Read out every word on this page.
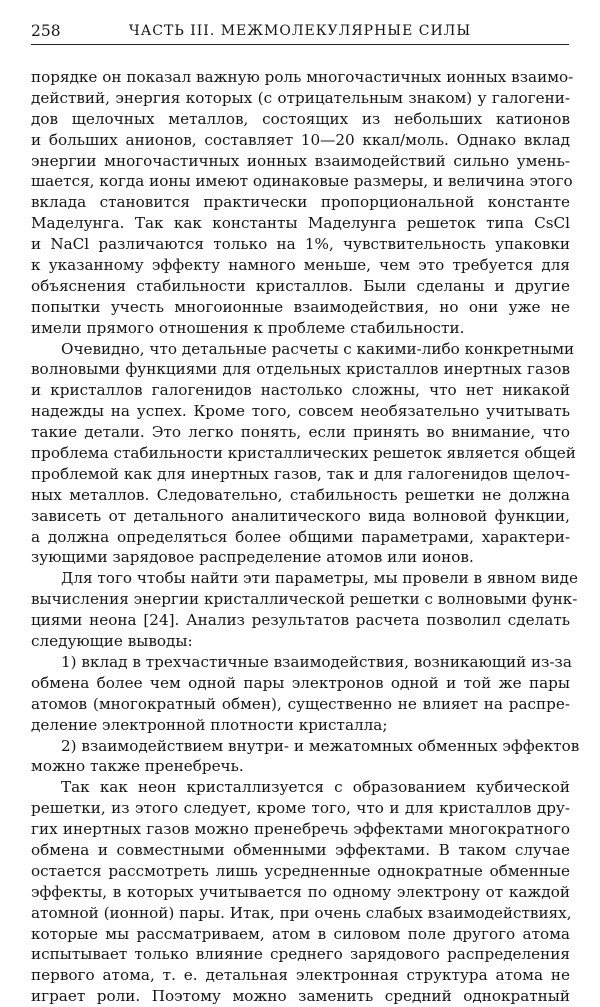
258	ЧАСТЬ III. МЕЖМОЛЕКУЛЯРНЫЕ СИЛЫ
порядке он показал важную роль многочастичных ионных взаимо-
действий, энергия которых (с отрицательным знаком) у галогени-
дов щелочных металлов, состоящих из небольших катионов
и больших анионов, составляет 10—20 ккал/моль. Однако вклад
энергии многочастичных ионных взаимодействий сильно умень-
шается, когда ионы имеют одинаковые размеры, и величина этого
вклада становится практически пропорциональной константе
Маделунга. Так как константы Маделунга решеток типа CsCl
и NaCl различаются только на 1%, чувствительность упаковки
к указанному эффекту намного меньше, чем это требуется для
объяснения стабильности кристаллов. Были сделаны и другие
попытки учесть многоионные взаимодействия, но они уже не
имели прямого отношения к проблеме стабильности.
Очевидно, что детальные расчеты с какими-либо конкретными
волновыми функциями для отдельных кристаллов инертных газов
и кристаллов галогенидов настолько сложны, что нет никакой
надежды на успех. Кроме того, совсем необязательно учитывать
такие детали. Это легко понять, если принять во внимание, что
проблема стабильности кристаллических решеток является общей
проблемой как для инертных газов, так и для галогенидов щелоч-
ных металлов. Следовательно, стабильность решетки не должна
зависеть от детального аналитического вида волновой функции,
а должна определяться более общими параметрами, характери-
зующими зарядовое распределение атомов или ионов.
Для того чтобы найти эти параметры, мы провели в явном виде
вычисления энергии кристаллической решетки с волновыми функ-
циями неона [24]. Анализ результатов расчета позволил сделать
следующие выводы:
1) вклад в трехчастичные взаимодействия, возникающий из-за
обмена более чем одной пары электронов одной и той же пары
атомов (многократный обмен), существенно не влияет на распре-
деление электронной плотности кристалла;
2) взаимодействием внутри- и межатомных обменных эффектов
можно также пренебречь.
Так как неон кристаллизуется с образованием кубической
решетки, из этого следует, кроме того, что и для кристаллов дру-
гих инертных газов можно пренебречь эффектами многократного
обмена и совместными обменными эффектами. В таком случае
остается рассмотреть лишь усредненные однократные обменные
эффекты, в которых учитывается по одному электрону от каждой
атомной (ионной) пары. Итак, при очень слабых взаимодействиях,
которые мы рассматриваем, атом в силовом поле другого атома
испытывает только влияние среднего зарядового распределения
первого атома, т. е. детальная электронная структура атома не
играет роли. Поэтому можно заменить средний однократный
